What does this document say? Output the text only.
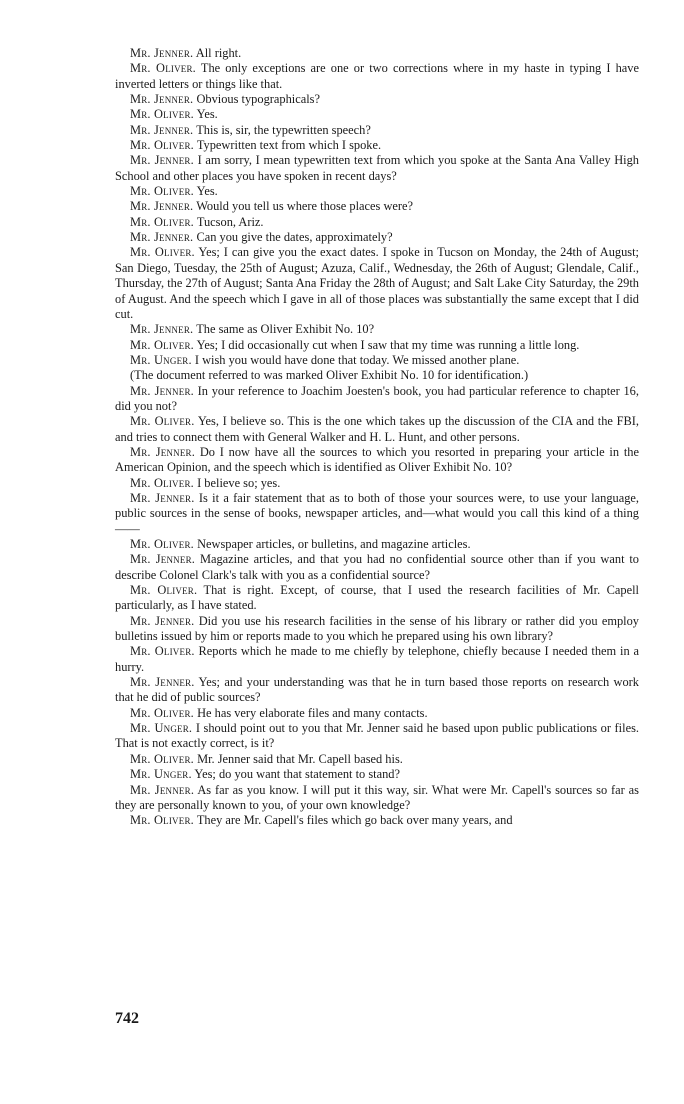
Mr. Jenner. All right.

Mr. Oliver. The only exceptions are one or two corrections where in my haste in typing I have inverted letters or things like that.

Mr. Jenner. Obvious typographicals?

Mr. Oliver. Yes.

Mr. Jenner. This is, sir, the typewritten speech?

Mr. Oliver. Typewritten text from which I spoke.

Mr. Jenner. I am sorry, I mean typewritten text from which you spoke at the Santa Ana Valley High School and other places you have spoken in recent days?

Mr. Oliver. Yes.

Mr. Jenner. Would you tell us where those places were?

Mr. Oliver. Tucson, Ariz.

Mr. Jenner. Can you give the dates, approximately?

Mr. Oliver. Yes; I can give you the exact dates. I spoke in Tucson on Monday, the 24th of August; San Diego, Tuesday, the 25th of August; Azuza, Calif., Wednesday, the 26th of August; Glendale, Calif., Thursday, the 27th of August; Santa Ana Friday the 28th of August; and Salt Lake City Saturday, the 29th of August. And the speech which I gave in all of those places was substantially the same except that I did cut.

Mr. Jenner. The same as Oliver Exhibit No. 10?

Mr. Oliver. Yes; I did occasionally cut when I saw that my time was running a little long.

Mr. Unger. I wish you would have done that today. We missed another plane.

(The document referred to was marked Oliver Exhibit No. 10 for identification.)

Mr. Jenner. In your reference to Joachim Joesten's book, you had particular reference to chapter 16, did you not?

Mr. Oliver. Yes, I believe so. This is the one which takes up the discussion of the CIA and the FBI, and tries to connect them with General Walker and H. L. Hunt, and other persons.

Mr. Jenner. Do I now have all the sources to which you resorted in preparing your article in the American Opinion, and the speech which is identified as Oliver Exhibit No. 10?

Mr. Oliver. I believe so; yes.

Mr. Jenner. Is it a fair statement that as to both of those your sources were, to use your language, public sources in the sense of books, newspaper articles, and—what would you call this kind of a thing——

Mr. Oliver. Newspaper articles, or bulletins, and magazine articles.

Mr. Jenner. Magazine articles, and that you had no confidential source other than if you want to describe Colonel Clark's talk with you as a confidential source?

Mr. Oliver. That is right. Except, of course, that I used the research facilities of Mr. Capell particularly, as I have stated.

Mr. Jenner. Did you use his research facilities in the sense of his library or rather did you employ bulletins issued by him or reports made to you which he prepared using his own library?

Mr. Oliver. Reports which he made to me chiefly by telephone, chiefly because I needed them in a hurry.

Mr. Jenner. Yes; and your understanding was that he in turn based those reports on research work that he did of public sources?

Mr. Oliver. He has very elaborate files and many contacts.

Mr. Unger. I should point out to you that Mr. Jenner said he based upon public publications or files. That is not exactly correct, is it?

Mr. Oliver. Mr. Jenner said that Mr. Capell based his.

Mr. Unger. Yes; do you want that statement to stand?

Mr. Jenner. As far as you know. I will put it this way, sir. What were Mr. Capell's sources so far as they are personally known to you, of your own knowledge?

Mr. Oliver. They are Mr. Capell's files which go back over many years, and

742
